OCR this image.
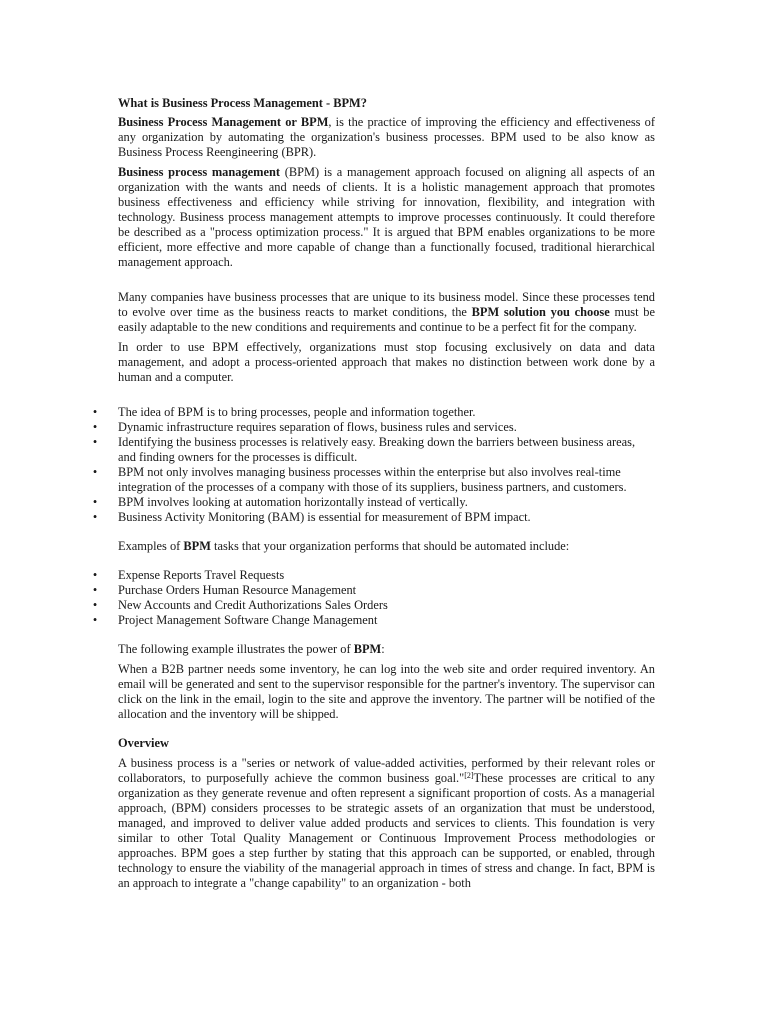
What is Business Process Management - BPM?

Business Process Management or BPM, is the practice of improving the efficiency and effectiveness of any organization by automating the organization's business processes. BPM used to be also know as Business Process Reengineering (BPR).

Business process management (BPM) is a management approach focused on aligning all aspects of an organization with the wants and needs of clients. It is a holistic management approach that promotes business effectiveness and efficiency while striving for innovation, flexibility, and integration with technology. Business process management attempts to improve processes continuously. It could therefore be described as a "process optimization process." It is argued that BPM enables organizations to be more efficient, more effective and more capable of change than a functionally focused, traditional hierarchical management approach.

Many companies have business processes that are unique to its business model. Since these processes tend to evolve over time as the business reacts to market conditions, the BPM solution you choose must be easily adaptable to the new conditions and requirements and continue to be a perfect fit for the company.

In order to use BPM effectively, organizations must stop focusing exclusively on data and data management, and adopt a process-oriented approach that makes no distinction between work done by a human and a computer.

• The idea of BPM is to bring processes, people and information together.
• Dynamic infrastructure requires separation of flows, business rules and services.
• Identifying the business processes is relatively easy. Breaking down the barriers between business areas, and finding owners for the processes is difficult.
• BPM not only involves managing business processes within the enterprise but also involves real-time integration of the processes of a company with those of its suppliers, business partners, and customers.
• BPM involves looking at automation horizontally instead of vertically.
• Business Activity Monitoring (BAM) is essential for measurement of BPM impact.

Examples of BPM tasks that your organization performs that should be automated include:

• Expense Reports Travel Requests
• Purchase Orders Human Resource Management
• New Accounts and Credit Authorizations Sales Orders
• Project Management Software Change Management

The following example illustrates the power of BPM:

When a B2B partner needs some inventory, he can log into the web site and order required inventory. An email will be generated and sent to the supervisor responsible for the partner's inventory. The supervisor can click on the link in the email, login to the site and approve the inventory. The partner will be notified of the allocation and the inventory will be shipped.

Overview

A business process is a "series or network of value-added activities, performed by their relevant roles or collaborators, to purposefully achieve the common business goal."[2]These processes are critical to any organization as they generate revenue and often represent a significant proportion of costs. As a managerial approach, (BPM) considers processes to be strategic assets of an organization that must be understood, managed, and improved to deliver value added products and services to clients. This foundation is very similar to other Total Quality Management or Continuous Improvement Process methodologies or approaches. BPM goes a step further by stating that this approach can be supported, or enabled, through technology to ensure the viability of the managerial approach in times of stress and change. In fact, BPM is an approach to integrate a "change capability" to an organization - both
